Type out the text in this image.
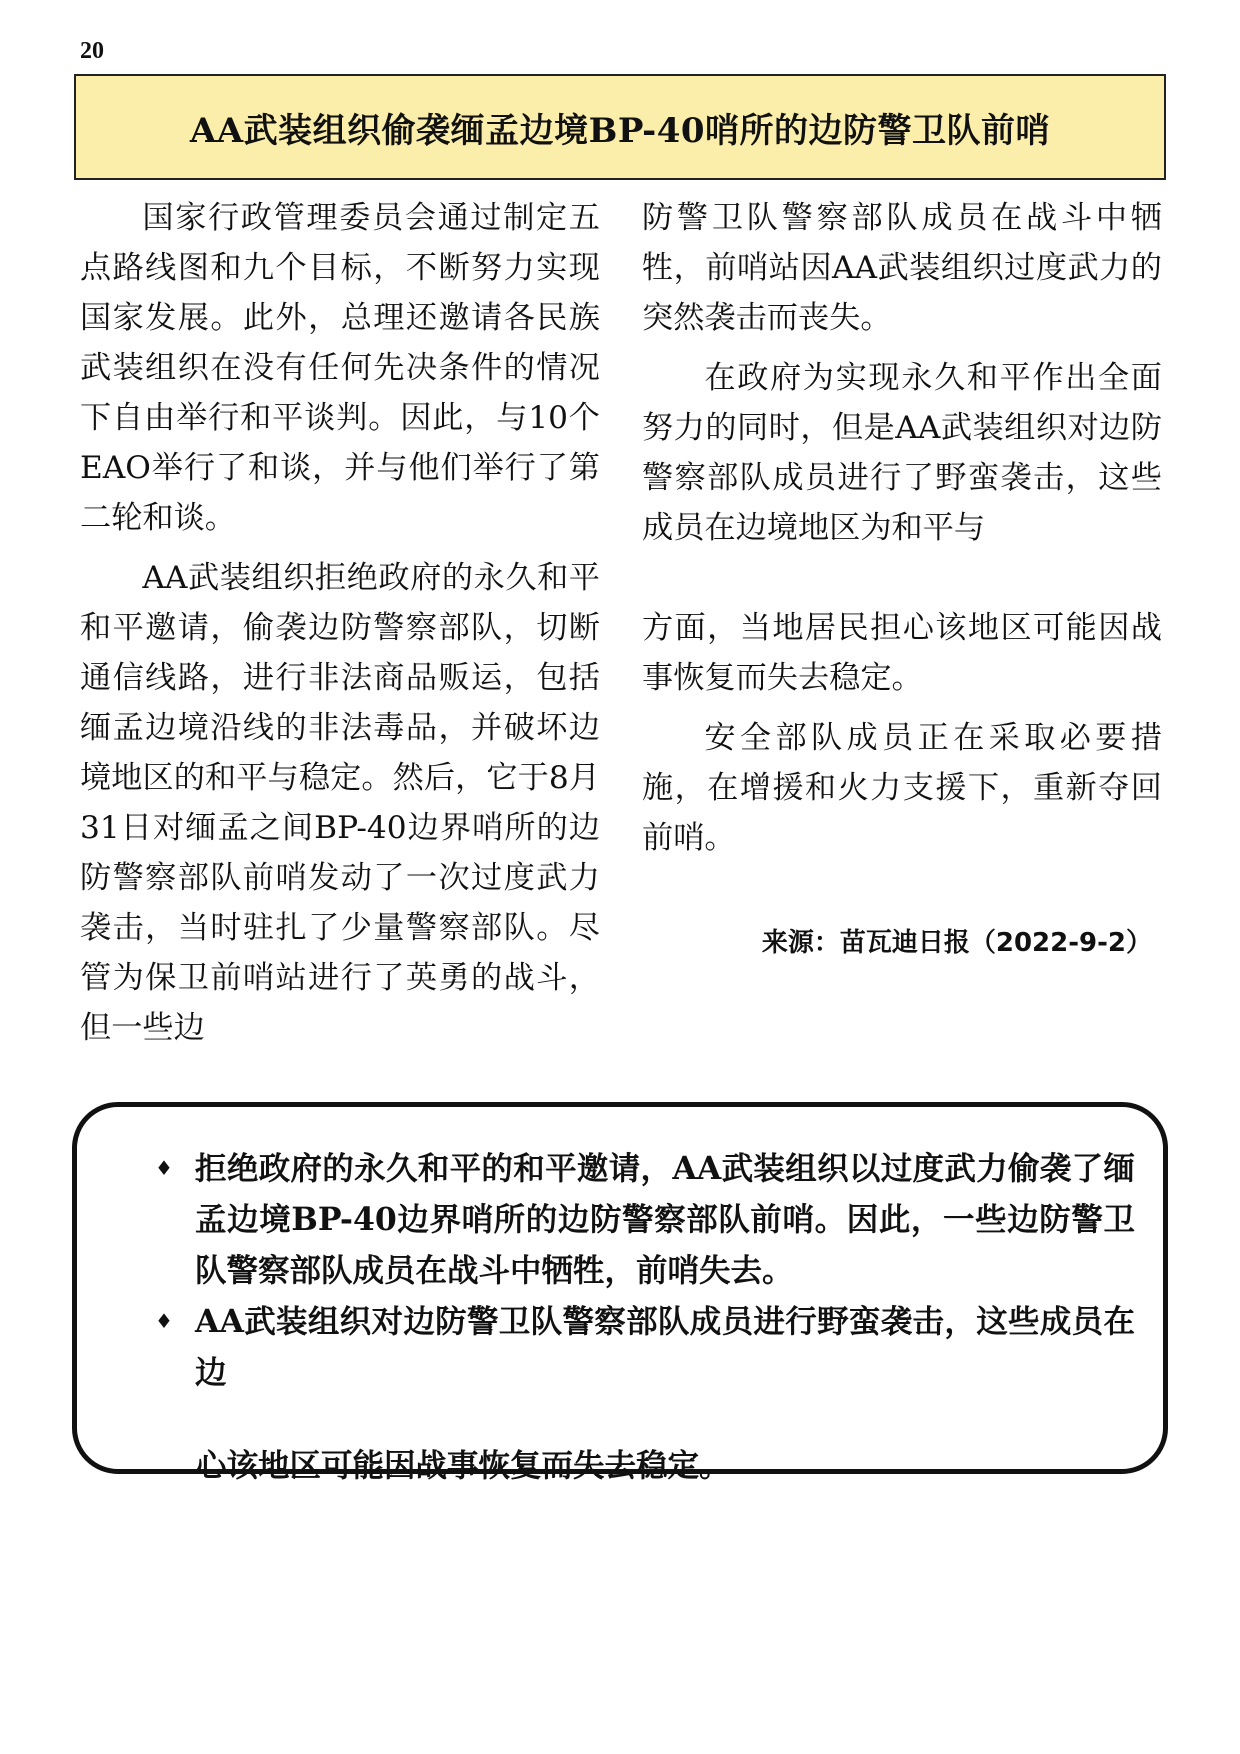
20
AA武装组织偷袭缅孟边境BP-40哨所的边防警卫队前哨

国家行政管理委员会通过制定五点路线图和九个目标，不断努力实现国家发展。此外，总理还邀请各民族武装组织在没有任何先决条件的情况下自由举行和平谈判。因此，与10个EAO举行了和谈，并与他们举行了第二轮和谈。

AA武装组织拒绝政府的永久和平和平邀请，偷袭边防警察部队，切断通信线路，进行非法商品贩运，包括缅孟边境沿线的非法毒品，并破坏边境地区的和平与稳定。然后，它于8月31日对缅孟之间BP-40边界哨所的边防警察部队前哨发动了一次过度武力袭击，当时驻扎了少量警察部队。尽管为保卫前哨站进行了英勇的战斗，但一些边

防警卫队警察部队成员在战斗中牺牲，前哨站因AA武装组织过度武力的突然袭击而丧失。

在政府为实现永久和平作出全面努力的同时，但是AA武装组织对边防警察部队成员进行了野蛮袭击，这些成员在边境地区为和平与

方面，当地居民担心该地区可能因战事恢复而失去稳定。

安全部队成员正在采取必要措施，在增援和火力支援下，重新夺回前哨。

来源：苗瓦迪日报（2022-9-2）
♦ 拒绝政府的永久和平的和平邀请，AA武装组织以过度武力偷袭了缅孟边境BP-40边界哨所的边防警察部队前哨。因此，一些边防警卫队警察部队成员在战斗中牺牲，前哨失去。
♦ AA武装组织对边防警卫队警察部队成员进行野蛮袭击，这些成员在边
心该地区可能因战事恢复而失去稳定。
